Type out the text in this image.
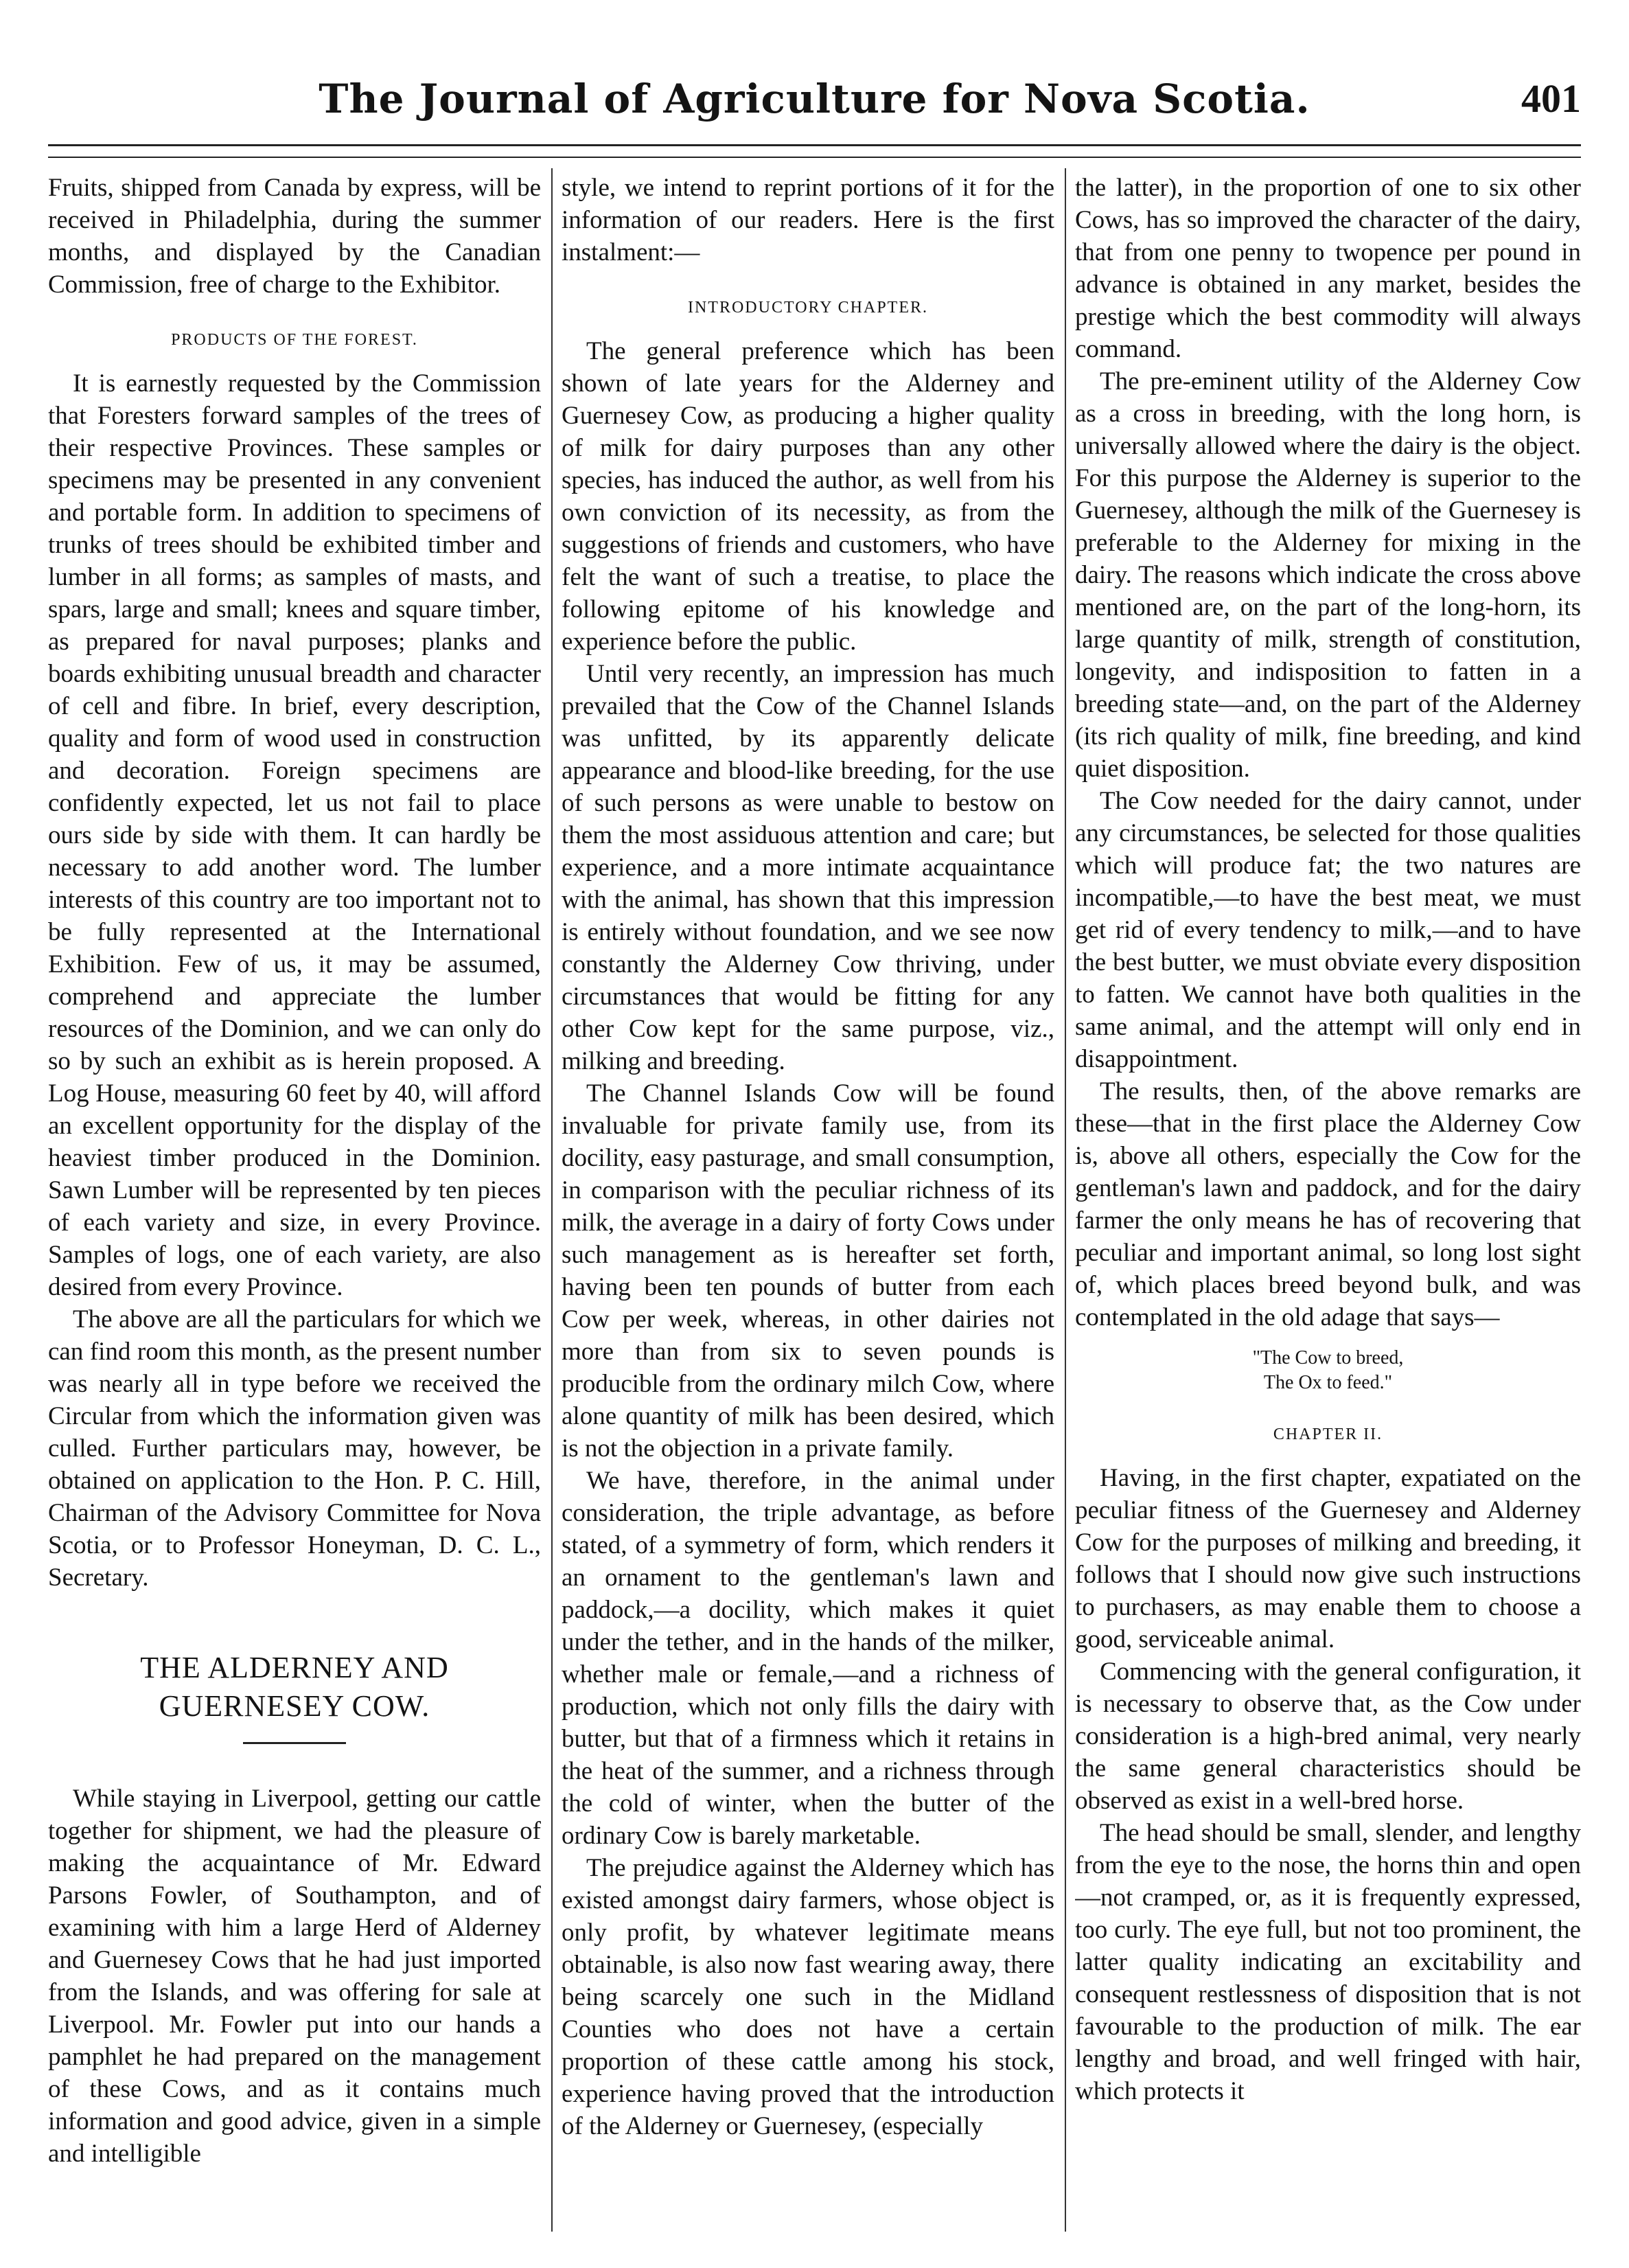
The Journal of Agriculture for Nova Scotia.	401

Fruits, shipped from Canada by express, will be received in Philadelphia, during the summer months, and displayed by the Canadian Commission, free of charge to the Exhibitor.

PRODUCTS OF THE FOREST.

It is earnestly requested by the Commission that Foresters forward samples of the trees of their respective Provinces. These samples or specimens may be presented in any convenient and portable form. In addition to specimens of trunks of trees should be exhibited timber and lumber in all forms; as samples of masts, and spars, large and small; knees and square timber, as prepared for naval purposes; planks and boards exhibiting unusual breadth and character of cell and fibre. In brief, every description, quality and form of wood used in construction and decoration. Foreign specimens are confidently expected, let us not fail to place ours side by side with them. It can hardly be necessary to add another word. The lumber interests of this country are too important not to be fully represented at the International Exhibition. Few of us, it may be assumed, comprehend and appreciate the lumber resources of the Dominion, and we can only do so by such an exhibit as is herein proposed. A Log House, measuring 60 feet by 40, will afford an excellent opportunity for the display of the heaviest timber produced in the Dominion. Sawn Lumber will be represented by ten pieces of each variety and size, in every Province. Samples of logs, one of each variety, are also desired from every Province.

The above are all the particulars for which we can find room this month, as the present number was nearly all in type before we received the Circular from which the information given was culled. Further particulars may, however, be obtained on application to the Hon. P. C. Hill, Chairman of the Advisory Committee for Nova Scotia, or to Professor Honeyman, D. C. L., Secretary.

THE ALDERNEY AND GUERNESEY COW.

While staying in Liverpool, getting our cattle together for shipment, we had the pleasure of making the acquaintance of Mr. Edward Parsons Fowler, of Southampton, and of examining with him a large Herd of Alderney and Guernesey Cows that he had just imported from the Islands, and was offering for sale at Liverpool. Mr. Fowler put into our hands a pamphlet he had prepared on the management of these Cows, and as it contains much information and good advice, given in a simple and intelligible

style, we intend to reprint portions of it for the information of our readers. Here is the first instalment:—

INTRODUCTORY CHAPTER.

The general preference which has been shown of late years for the Alderney and Guernesey Cow, as producing a higher quality of milk for dairy purposes than any other species, has induced the author, as well from his own conviction of its necessity, as from the suggestions of friends and customers, who have felt the want of such a treatise, to place the following epitome of his knowledge and experience before the public.

Until very recently, an impression has much prevailed that the Cow of the Channel Islands was unfitted, by its apparently delicate appearance and blood-like breeding, for the use of such persons as were unable to bestow on them the most assiduous attention and care; but experience, and a more intimate acquaintance with the animal, has shown that this impression is entirely without foundation, and we see now constantly the Alderney Cow thriving, under circumstances that would be fitting for any other Cow kept for the same purpose, viz., milking and breeding.

The Channel Islands Cow will be found invaluable for private family use, from its docility, easy pasturage, and small consumption, in comparison with the peculiar richness of its milk, the average in a dairy of forty Cows under such management as is hereafter set forth, having been ten pounds of butter from each Cow per week, whereas, in other dairies not more than from six to seven pounds is producible from the ordinary milch Cow, where alone quantity of milk has been desired, which is not the objection in a private family.

We have, therefore, in the animal under consideration, the triple advantage, as before stated, of a symmetry of form, which renders it an ornament to the gentleman's lawn and paddock,—a docility, which makes it quiet under the tether, and in the hands of the milker, whether male or female,—and a richness of production, which not only fills the dairy with butter, but that of a firmness which it retains in the heat of the summer, and a richness through the cold of winter, when the butter of the ordinary Cow is barely marketable.

The prejudice against the Alderney which has existed amongst dairy farmers, whose object is only profit, by whatever legitimate means obtainable, is also now fast wearing away, there being scarcely one such in the Midland Counties who does not have a certain proportion of these cattle among his stock, experience having proved that the introduction of the Alderney or Guernesey, (especially

the latter), in the proportion of one to six other Cows, has so improved the character of the dairy, that from one penny to twopence per pound in advance is obtained in any market, besides the prestige which the best commodity will always command.

The pre-eminent utility of the Alderney Cow as a cross in breeding, with the long horn, is universally allowed where the dairy is the object. For this purpose the Alderney is superior to the Guernesey, although the milk of the Guernesey is preferable to the Alderney for mixing in the dairy. The reasons which indicate the cross above mentioned are, on the part of the long-horn, its large quantity of milk, strength of constitution, longevity, and indisposition to fatten in a breeding state—and, on the part of the Alderney (its rich quality of milk, fine breeding, and kind quiet disposition.

The Cow needed for the dairy cannot, under any circumstances, be selected for those qualities which will produce fat; the two natures are incompatible,—to have the best meat, we must get rid of every tendency to milk,—and to have the best butter, we must obviate every disposition to fatten. We cannot have both qualities in the same animal, and the attempt will only end in disappointment.

The results, then, of the above remarks are these—that in the first place the Alderney Cow is, above all others, especially the Cow for the gentleman's lawn and paddock, and for the dairy farmer the only means he has of recovering that peculiar and important animal, so long lost sight of, which places breed beyond bulk, and was contemplated in the old adage that says—

"The Cow to breed,
The Ox to feed."
CHAPTER II.

Having, in the first chapter, expatiated on the peculiar fitness of the Guernesey and Alderney Cow for the purposes of milking and breeding, it follows that I should now give such instructions to purchasers, as may enable them to choose a good, serviceable animal.

Commencing with the general configuration, it is necessary to observe that, as the Cow under consideration is a high-bred animal, very nearly the same general characteristics should be observed as exist in a well-bred horse.

The head should be small, slender, and lengthy from the eye to the nose, the horns thin and open—not cramped, or, as it is frequently expressed, too curly. The eye full, but not too prominent, the latter quality indicating an excitability and consequent restlessness of disposition that is not favourable to the production of milk. The ear lengthy and broad, and well fringed with hair, which protects it
